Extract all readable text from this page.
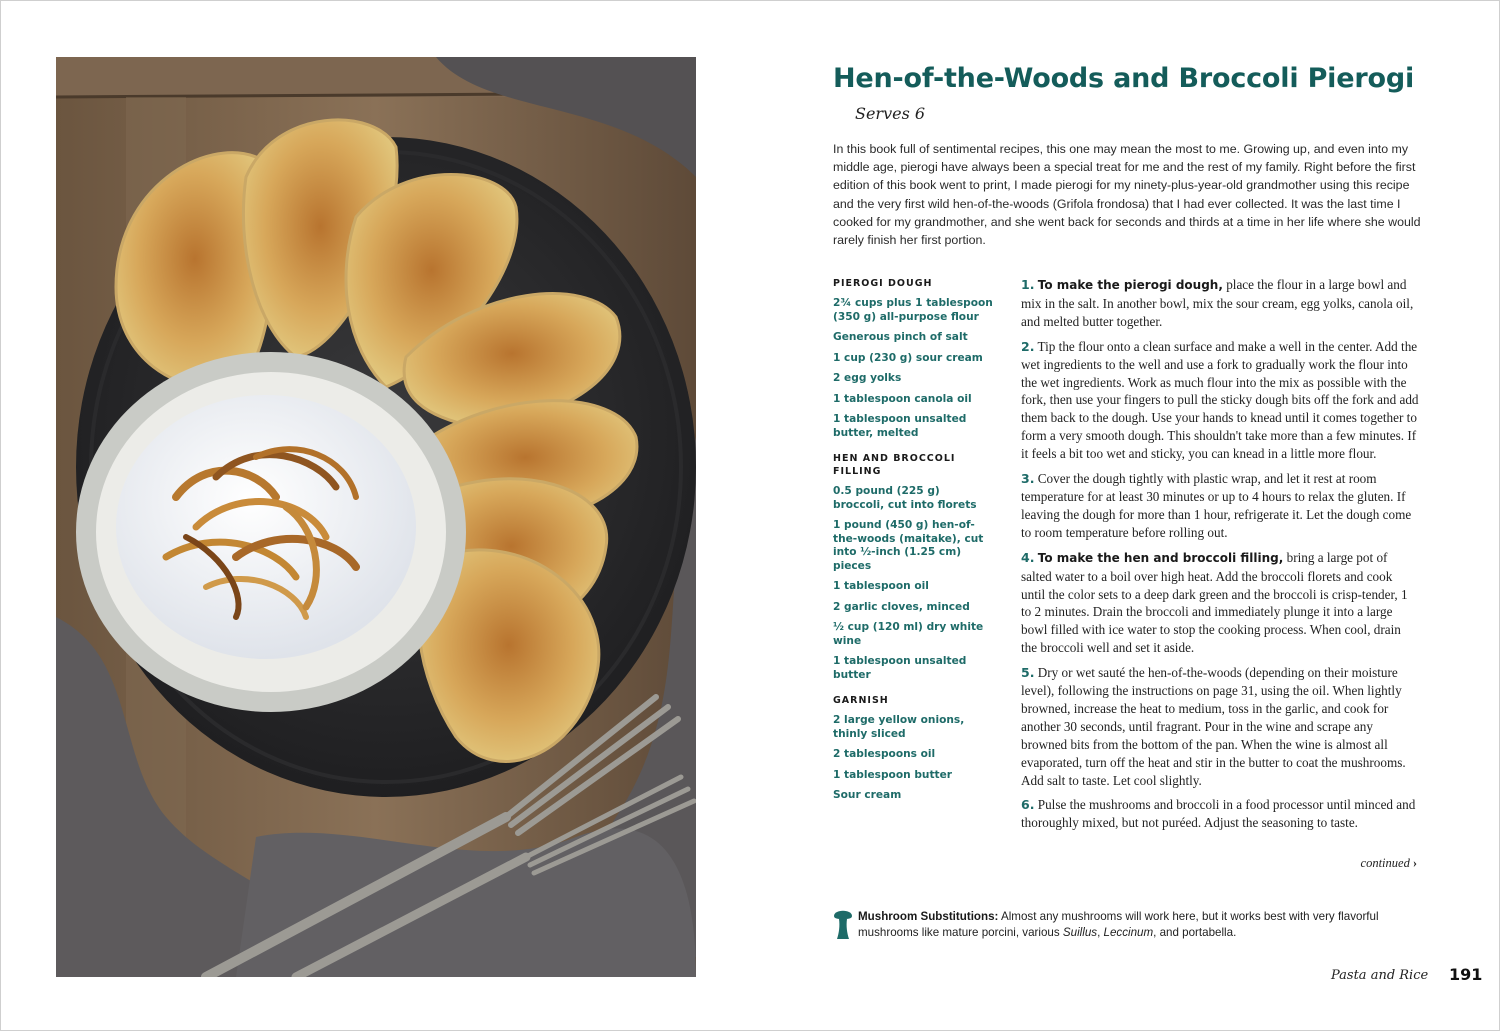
Hen-of-the-Woods and Broccoli Pierogi
Serves 6

In this book full of sentimental recipes, this one may mean the most to me. Growing up, and even into my middle age, pierogi have always been a special treat for me and the rest of my family. Right before the first edition of this book went to print, I made pierogi for my ninety-plus-year-old grandmother using this recipe and the very first wild hen-of-the-woods (Grifola frondosa) that I had ever collected. It was the last time I cooked for my grandmother, and she went back for seconds and thirds at a time in her life where she would rarely finish her first portion.

PIEROGI DOUGH
2¾ cups plus 1 tablespoon (350 g) all-purpose flour
Generous pinch of salt
1 cup (230 g) sour cream
2 egg yolks
1 tablespoon canola oil
1 tablespoon unsalted butter, melted
HEN AND BROCCOLI FILLING
0.5 pound (225 g) broccoli, cut into florets
1 pound (450 g) hen-of-the-woods (maitake), cut into ½-inch (1.25 cm) pieces
1 tablespoon oil
2 garlic cloves, minced
½ cup (120 ml) dry white wine
1 tablespoon unsalted butter
GARNISH
2 large yellow onions, thinly sliced
2 tablespoons oil
1 tablespoon butter
Sour cream

1. To make the pierogi dough, place the flour in a large bowl and mix in the salt. In another bowl, mix the sour cream, egg yolks, canola oil, and melted butter together.

2. Tip the flour onto a clean surface and make a well in the center. Add the wet ingredients to the well and use a fork to gradually work the flour into the wet ingredients. Work as much flour into the mix as possible with the fork, then use your fingers to pull the sticky dough bits off the fork and add them back to the dough. Use your hands to knead until it comes together to form a very smooth dough. This shouldn't take more than a few minutes. If it feels a bit too wet and sticky, you can knead in a little more flour.

3. Cover the dough tightly with plastic wrap, and let it rest at room temperature for at least 30 minutes or up to 4 hours to relax the gluten. If leaving the dough for more than 1 hour, refrigerate it. Let the dough come to room temperature before rolling out.

4. To make the hen and broccoli filling, bring a large pot of salted water to a boil over high heat. Add the broccoli florets and cook until the color sets to a deep dark green and the broccoli is crisp-tender, 1 to 2 minutes. Drain the broccoli and immediately plunge it into a large bowl filled with ice water to stop the cooking process. When cool, drain the broccoli well and set it aside.

5. Dry or wet sauté the hen-of-the-woods (depending on their moisture level), following the instructions on page 31, using the oil. When lightly browned, increase the heat to medium, toss in the garlic, and cook for another 30 seconds, until fragrant. Pour in the wine and scrape any browned bits from the bottom of the pan. When the wine is almost all evaporated, turn off the heat and stir in the butter to coat the mushrooms. Add salt to taste. Let cool slightly.

6. Pulse the mushrooms and broccoli in a food processor until minced and thoroughly mixed, but not puréed. Adjust the seasoning to taste.

continued ›
Mushroom Substitutions: Almost any mushrooms will work here, but it works best with very flavorful mushrooms like mature porcini, various Suillus, Leccinum, and portabella.
Pasta and Rice 191
